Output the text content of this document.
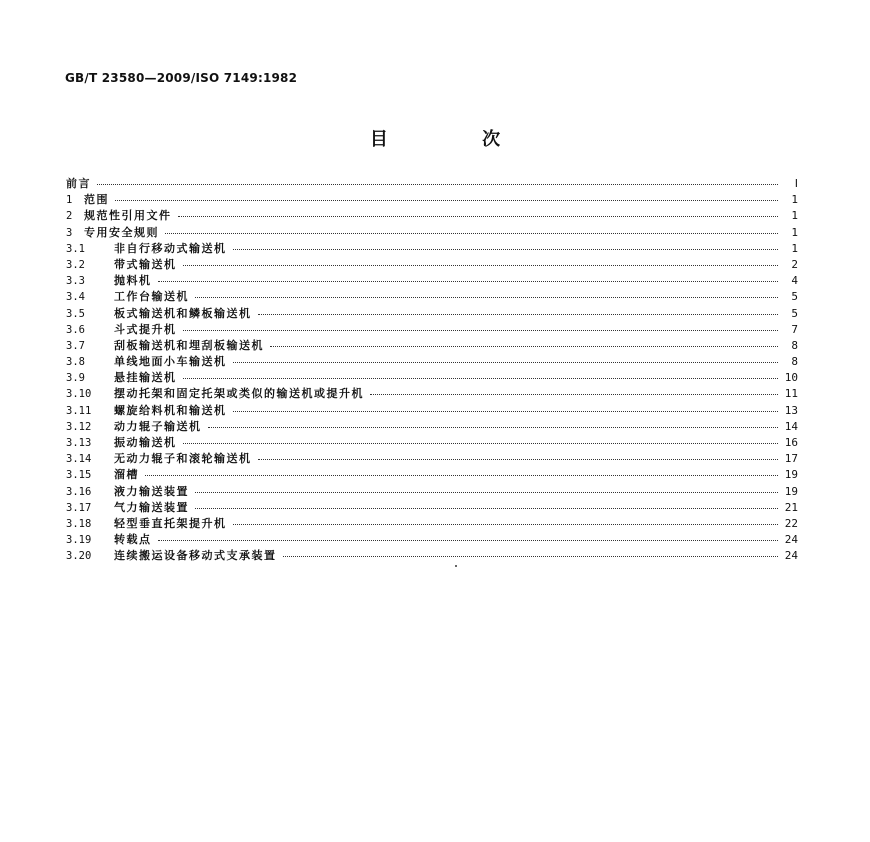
GB/T 23580—2009/ISO 7149:1982
目 次
前言	Ⅰ
1	范围	1
2	规范性引用文件	1
3	专用安全规则	1
3.1	非自行移动式输送机	1
3.2	带式输送机	2
3.3	抛料机	4
3.4	工作台输送机	5
3.5	板式输送机和鳞板输送机	5
3.6	斗式提升机	7
3.7	刮板输送机和埋刮板输送机	8
3.8	单线地面小车输送机	8
3.9	悬挂输送机	10
3.10	摆动托架和固定托架或类似的输送机或提升机	11
3.11	螺旋给料机和输送机	13
3.12	动力辊子输送机	14
3.13	振动输送机	16
3.14	无动力辊子和滚轮输送机	17
3.15	溜槽	19
3.16	液力输送装置	19
3.17	气力输送装置	21
3.18	轻型垂直托架提升机	22
3.19	转载点	24
3.20	连续搬运设备移动式支承装置	24
